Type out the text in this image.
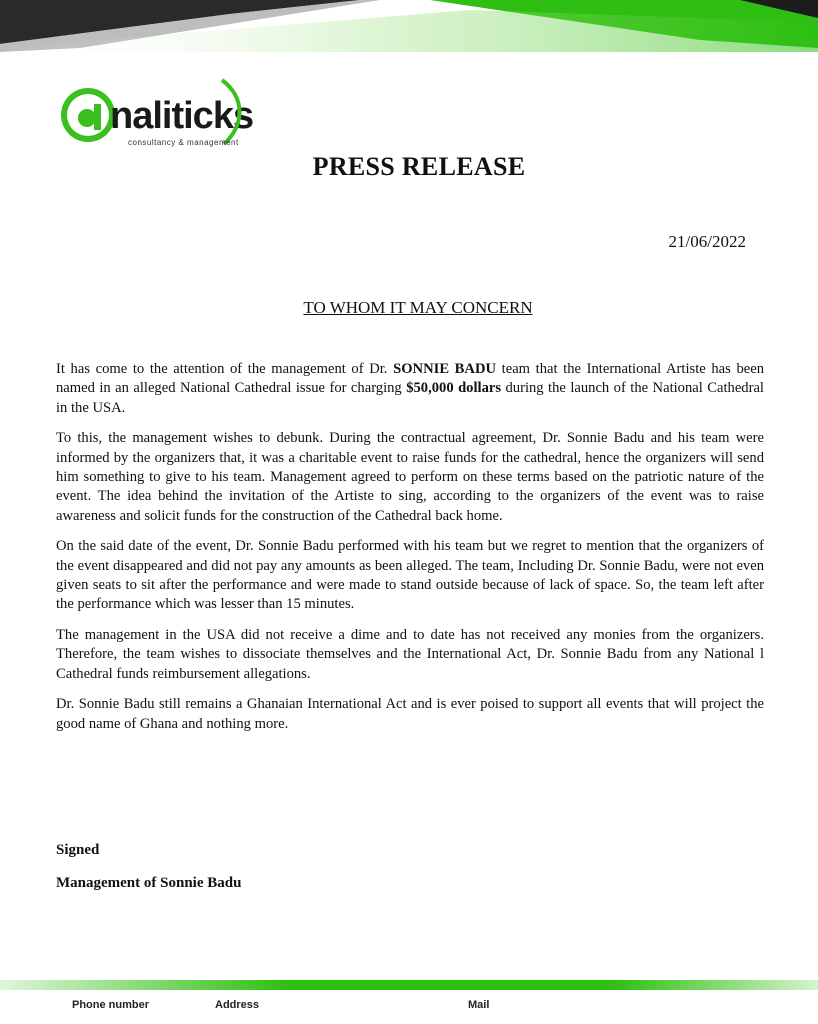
naliticks
consultancy & management
PRESS RELEASE
21/06/2022
TO WHOM IT MAY CONCERN

It has come to the attention of the management of Dr. SONNIE BADU team that the International Artiste has been named in an alleged National Cathedral issue for charging $50,000 dollars during the launch of the National Cathedral in the USA.

To this, the management wishes to debunk. During the contractual agreement, Dr. Sonnie Badu and his team were informed by the organizers that, it was a charitable event to raise funds for the cathedral, hence the organizers will send him something to give to his team. Management agreed to perform on these terms based on the patriotic nature of the event. The idea behind the invitation of the Artiste to sing, according to the organizers of the event was to raise awareness and solicit funds for the construction of the Cathedral back home.

On the said date of the event, Dr. Sonnie Badu performed with his team but we regret to mention that the organizers of the event disappeared and did not pay any amounts as been alleged. The team, Including Dr. Sonnie Badu, were not even given seats to sit after the performance and were made to stand outside because of lack of space. So, the team left after the performance which was lesser than 15 minutes.

The management in the USA did not receive a dime and to date has not received any monies from the organizers. Therefore, the team wishes to dissociate themselves and the International Act, Dr. Sonnie Badu from any National l Cathedral funds reimbursement allegations.

Dr. Sonnie Badu still remains a Ghanaian International Act and is ever poised to support all events that will project the good name of Ghana and nothing more.

Signed
Management of Sonnie Badu
Phone number	Address	Mail
